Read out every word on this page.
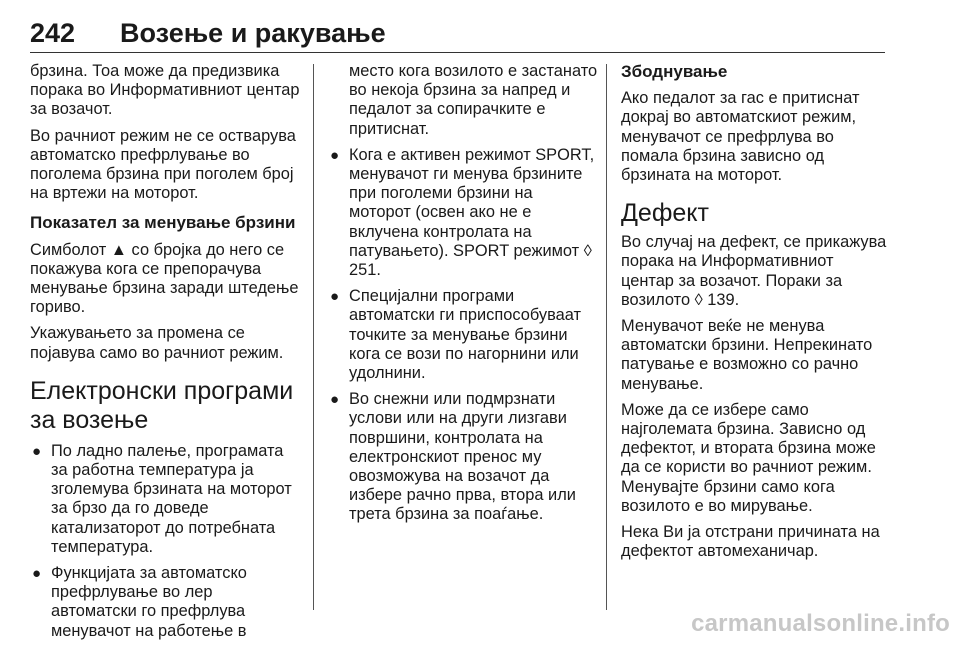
242 Возење и ракување

брзина. Тоа може да предизвика порака во Информативниот центар за возачот.

Во рачниот режим не се остварува автоматско префрлување во поголема брзина при поголем број на вртежи на моторот.

Показател за менување брзини

Симболот ▲ со бројка до него се покажува кога се препорачува менување брзина заради штедење гориво.

Укажувањето за промена се појавува само во рачниот режим.

Електронски програми за возење
● По ладно палење, програмата за работна температура ја зголемува брзината на моторот за брзо да го доведе катализаторот до потребната температура.
● Функцијата за автоматско префрлување во лер автоматски го префрлува менувачот на работење в
место кога возилото е застанато во некоја брзина за напред и педалот за сопирачките е притиснат.
● Кога е активен режимот SPORT, менувачот ги менува брзините при поголеми брзини на моторот (освен ако не е вклучена контролата на патувањето). SPORT режимот ◊ 251.
● Специјални програми автоматски ги приспособуваат точките за менување брзини кога се вози по нагорнини или удолнини.
● Во снежни или подмрзнати услови или на други лизгави површини, контролата на електронскиот пренос му овозможува на возачот да избере рачно прва, втора или трета брзина за поаѓање.
Збоднување

Ако педалот за гас е притиснат докрај во автоматскиот режим, менувачот се префрлува во помала брзина зависно од брзината на моторот.

Дефект

Во случај на дефект, се прикажува порака на Информативниот центар за возачот. Пораки за возилото ◊ 139.

Менувачот веќе не менува автоматски брзини. Непрекинато патување е возможно со рачно менување.

Може да се избере само најголемата брзина. Зависно од дефектот, и втората брзина може да се користи во рачниот режим. Менувајте брзини само кога возилото е во мирување.

Нека Ви ја отстрани причината на дефектот автомеханичар.

carmanualsonline.info
